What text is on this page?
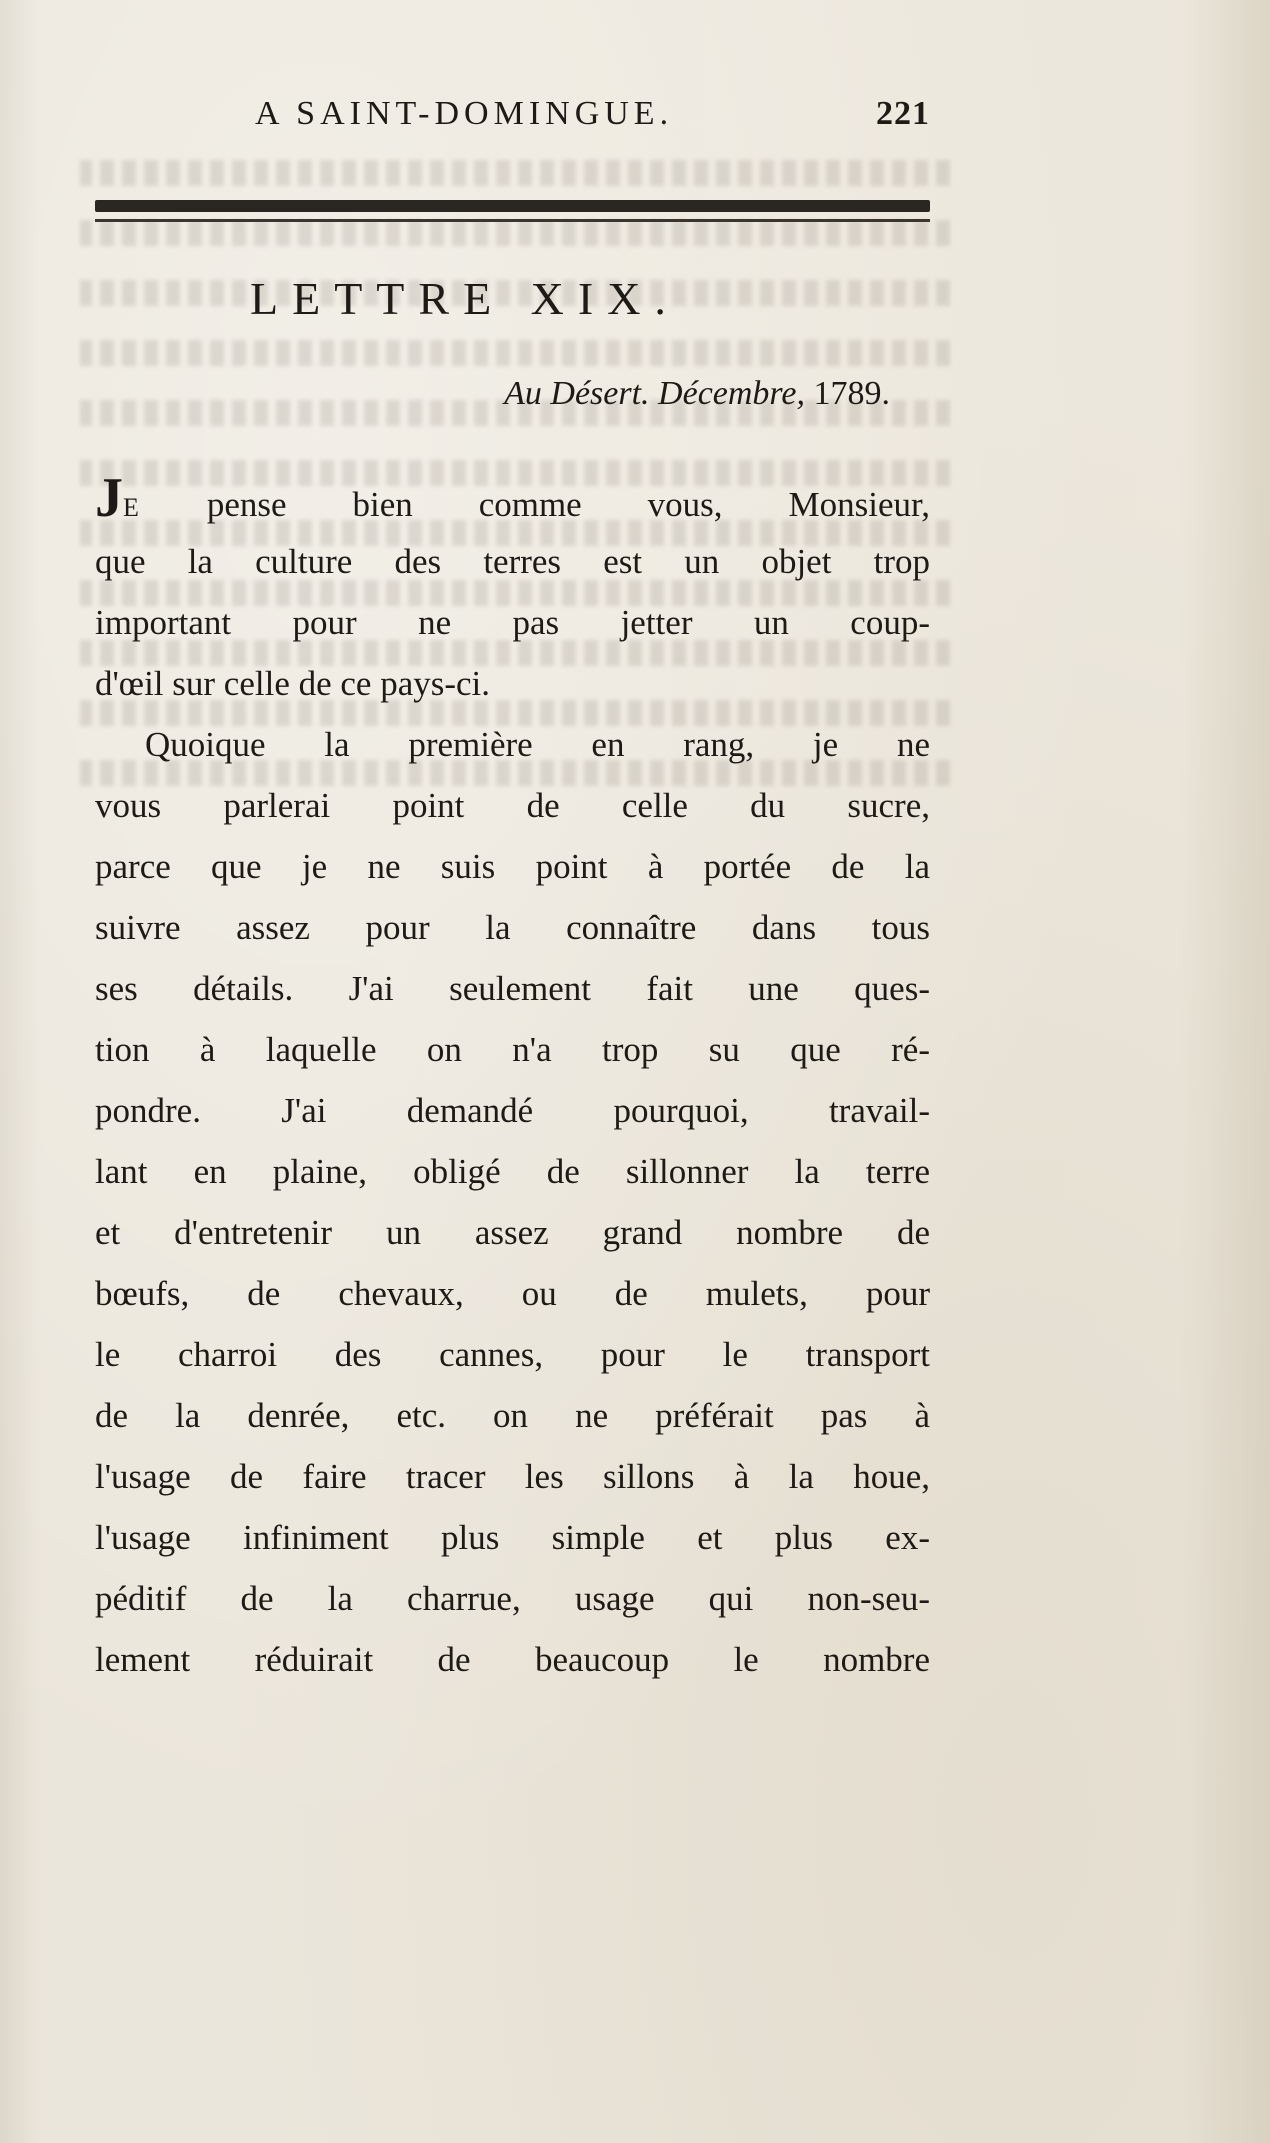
A SAINT-DOMINGUE.	221
LETTRE XIX.
Au Désert. Décembre, 1789.
JE pense bien comme vous, Monsieur,
que la culture des terres est un objet trop
important pour ne pas jetter un coup-
d'œil sur celle de ce pays-ci.
Quoique la première en rang, je ne
vous parlerai point de celle du sucre,
parce que je ne suis point à portée de la
suivre assez pour la connaître dans tous
ses détails. J'ai seulement fait une ques-
tion à laquelle on n'a trop su que ré-
pondre. J'ai demandé pourquoi, travail-
lant en plaine, obligé de sillonner la terre
et d'entretenir un assez grand nombre de
bœufs, de chevaux, ou de mulets, pour
le charroi des cannes, pour le transport
de la denrée, etc. on ne préférait pas à
l'usage de faire tracer les sillons à la houe,
l'usage infiniment plus simple et plus ex-
péditif de la charrue, usage qui non-seu-
lement réduirait de beaucoup le nombre
